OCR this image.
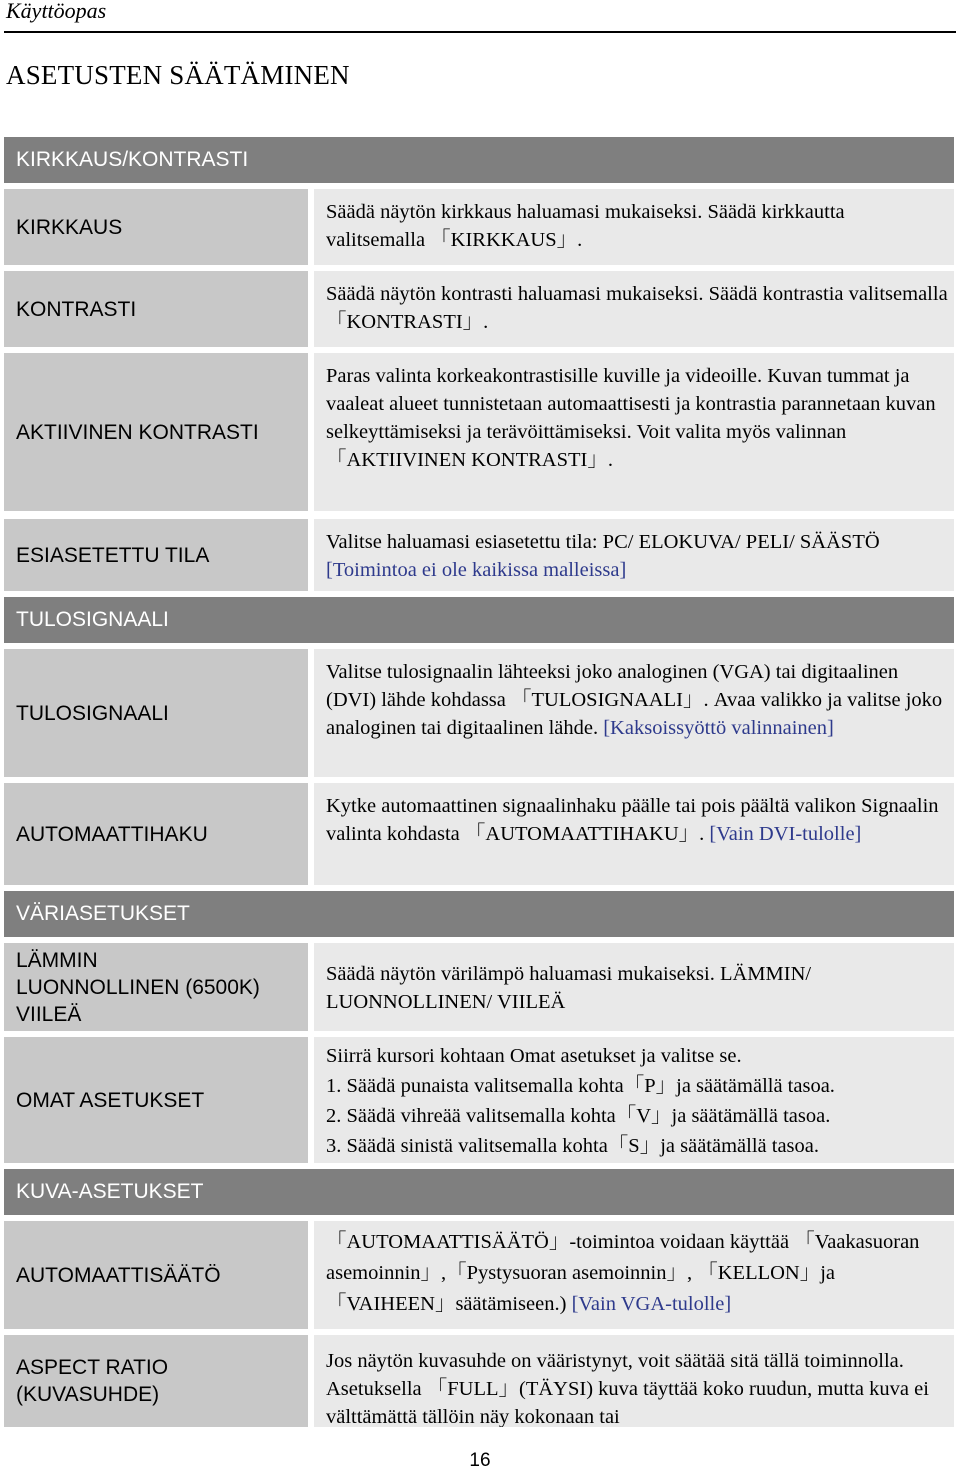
Käyttöopas
ASETUSTEN SÄÄTÄMINEN
KIRKKAUS/KONTRASTI
KIRKKAUS
Säädä näytön kirkkaus haluamasi mukaiseksi. Säädä kirkkautta valitsemalla 「KIRKKAUS」.
KONTRASTI
Säädä näytön kontrasti haluamasi mukaiseksi. Säädä kontrastia valitsemalla 「KONTRASTI」.
AKTIIVINEN KONTRASTI
Paras valinta korkeakontrastisille kuville ja videoille. Kuvan tummat ja vaaleat alueet tunnistetaan automaattisesti ja kontrastia parannetaan kuvan selkeyttämiseksi ja terävöittämiseksi. Voit valita myös valinnan「AKTIIVINEN KONTRASTI」.
ESIASETETTU TILA
Valitse haluamasi esiasetettu tila: PC/ ELOKUVA/ PELI/ SÄÄSTÖ [Toimintoa ei ole kaikissa malleissa]
TULOSIGNAALI
TULOSIGNAALI
Valitse tulosignaalin lähteeksi joko analoginen (VGA) tai digitaalinen (DVI) lähde kohdassa 「TULOSIGNAALI」. Avaa valikko ja valitse joko analoginen tai digitaalinen lähde. [Kaksoissyöttö valinnainen]
AUTOMAATTIHAKU
Kytke automaattinen signaalinhaku päälle tai pois päältä valikon Signaalin valinta kohdasta 「AUTOMAATTIHAKU」. [Vain DVI-tulolle]
VÄRIASETUKSET
LÄMMIN
LUONNOLLINEN (6500K)
VIILEÄ
Säädä näytön värilämpö haluamasi mukaiseksi. LÄMMIN/ LUONNOLLINEN/ VIILEÄ
OMAT ASETUKSET
Siirrä kursori kohtaan Omat asetukset ja valitse se.
1. Säädä punaista valitsemalla kohta「P」ja säätämällä tasoa.
2. Säädä vihreää valitsemalla kohta「V」ja säätämällä tasoa.
3. Säädä sinistä valitsemalla kohta「S」ja säätämällä tasoa.
KUVA-ASETUKSET
AUTOMAATTISÄÄTÖ
「AUTOMAATTISÄÄTÖ」-toimintoa voidaan käyttää 「Vaakasuoran asemoinnin」,「Pystysuoran asemoinnin」, 「KELLON」ja「VAIHEEN」säätämiseen.) [Vain VGA-tulolle]
ASPECT RATIO
(KUVASUHDE)
Jos näytön kuvasuhde on vääristynyt, voit säätää sitä tällä toiminnolla. Asetuksella 「FULL」(TÄYSI) kuva täyttää koko ruudun, mutta kuva ei välttämättä tällöin näy kokonaan tai
16
